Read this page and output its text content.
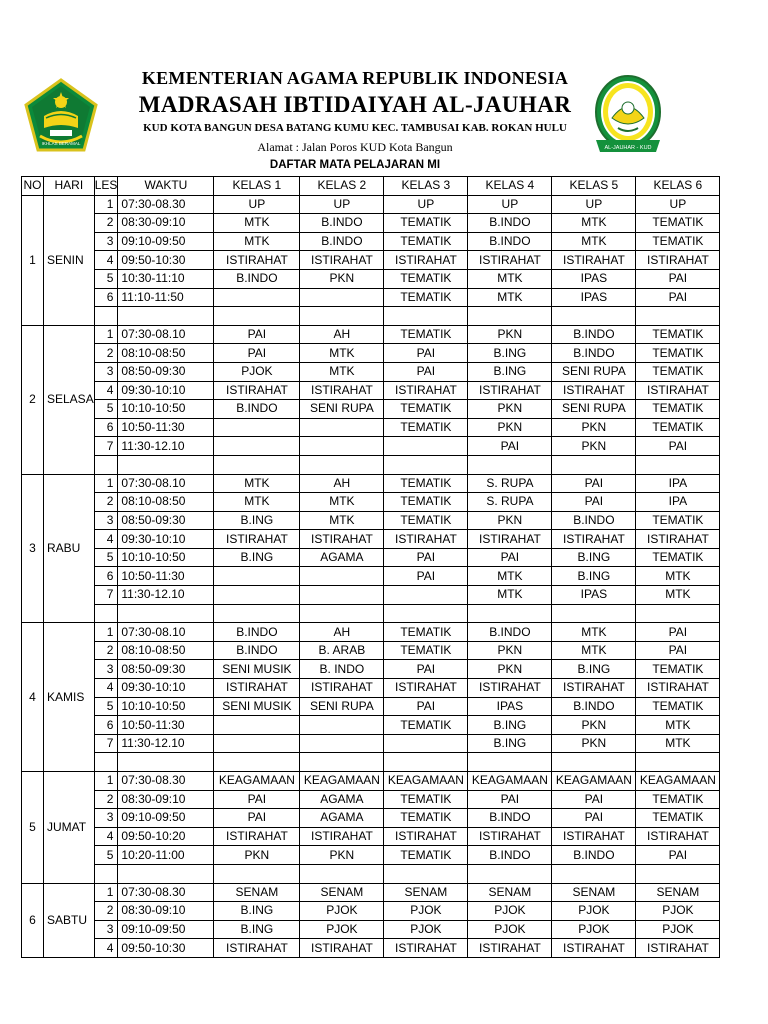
IKHLAS BERAMAL
KEMENTERIAN AGAMA REPUBLIK INDONESIA
MADRASAH IBTIDAIYAH AL-JAUHAR
KUD KOTA BANGUN DESA BATANG KUMU KEC. TAMBUSAI KAB. ROKAN HULU
Alamat : Jalan Poros KUD Kota Bangun
DAFTAR MATA PELAJARAN MI
AL-JAUHAR - KUD
NO	HARI	LES	WAKTU	KELAS 1	KELAS 2	KELAS 3	KELAS 4	KELAS 5	KELAS 6
1	SENIN	1	07:30-08.30	UP	UP	UP	UP	UP	UP
		2	08:30-09:10	MTK	B.INDO	TEMATIK	B.INDO	MTK	TEMATIK
		3	09:10-09:50	MTK	B.INDO	TEMATIK	B.INDO	MTK	TEMATIK
		4	09:50-10:30	ISTIRAHAT	ISTIRAHAT	ISTIRAHAT	ISTIRAHAT	ISTIRAHAT	ISTIRAHAT
		5	10:30-11:10	B.INDO	PKN	TEMATIK	MTK	IPAS	PAI
		6	11:10-11:50			TEMATIK	MTK	IPAS	PAI

2	SELASA	1	07:30-08.10	PAI	AH	TEMATIK	PKN	B.INDO	TEMATIK
		2	08:10-08:50	PAI	MTK	PAI	B.ING	B.INDO	TEMATIK
		3	08:50-09:30	PJOK	MTK	PAI	B.ING	SENI RUPA	TEMATIK
		4	09:30-10:10	ISTIRAHAT	ISTIRAHAT	ISTIRAHAT	ISTIRAHAT	ISTIRAHAT	ISTIRAHAT
		5	10:10-10:50	B.INDO	SENI RUPA	TEMATIK	PKN	SENI RUPA	TEMATIK
		6	10:50-11:30			TEMATIK	PKN	PKN	TEMATIK
		7	11:30-12.10				PAI	PKN	PAI

3	RABU	1	07:30-08.10	MTK	AH	TEMATIK	S. RUPA	PAI	IPA
		2	08:10-08:50	MTK	MTK	TEMATIK	S. RUPA	PAI	IPA
		3	08:50-09:30	B.ING	MTK	TEMATIK	PKN	B.INDO	TEMATIK
		4	09:30-10:10	ISTIRAHAT	ISTIRAHAT	ISTIRAHAT	ISTIRAHAT	ISTIRAHAT	ISTIRAHAT
		5	10:10-10:50	B.ING	AGAMA	PAI	PAI	B.ING	TEMATIK
		6	10:50-11:30			PAI	MTK	B.ING	MTK
		7	11:30-12.10				MTK	IPAS	MTK

4	KAMIS	1	07:30-08.10	B.INDO	AH	TEMATIK	B.INDO	MTK	PAI
		2	08:10-08:50	B.INDO	B. ARAB	TEMATIK	PKN	MTK	PAI
		3	08:50-09:30	SENI MUSIK	B. INDO	PAI	PKN	B.ING	TEMATIK
		4	09:30-10:10	ISTIRAHAT	ISTIRAHAT	ISTIRAHAT	ISTIRAHAT	ISTIRAHAT	ISTIRAHAT
		5	10:10-10:50	SENI MUSIK	SENI RUPA	PAI	IPAS	B.INDO	TEMATIK
		6	10:50-11:30			TEMATIK	B.ING	PKN	MTK
		7	11:30-12.10				B.ING	PKN	MTK

5	JUMAT	1	07:30-08.30	KEAGAMAAN	KEAGAMAAN	KEAGAMAAN	KEAGAMAAN	KEAGAMAAN	KEAGAMAAN
		2	08:30-09:10	PAI	AGAMA	TEMATIK	PAI	PAI	TEMATIK
		3	09:10-09:50	PAI	AGAMA	TEMATIK	B.INDO	PAI	TEMATIK
		4	09:50-10:20	ISTIRAHAT	ISTIRAHAT	ISTIRAHAT	ISTIRAHAT	ISTIRAHAT	ISTIRAHAT
		5	10:20-11:00	PKN	PKN	TEMATIK	B.INDO	B.INDO	PAI

6	SABTU	1	07:30-08.30	SENAM	SENAM	SENAM	SENAM	SENAM	SENAM
		2	08:30-09:10	B.ING	PJOK	PJOK	PJOK	PJOK	PJOK
		3	09:10-09:50	B.ING	PJOK	PJOK	PJOK	PJOK	PJOK
		4	09:50-10:30	ISTIRAHAT	ISTIRAHAT	ISTIRAHAT	ISTIRAHAT	ISTIRAHAT	ISTIRAHAT
